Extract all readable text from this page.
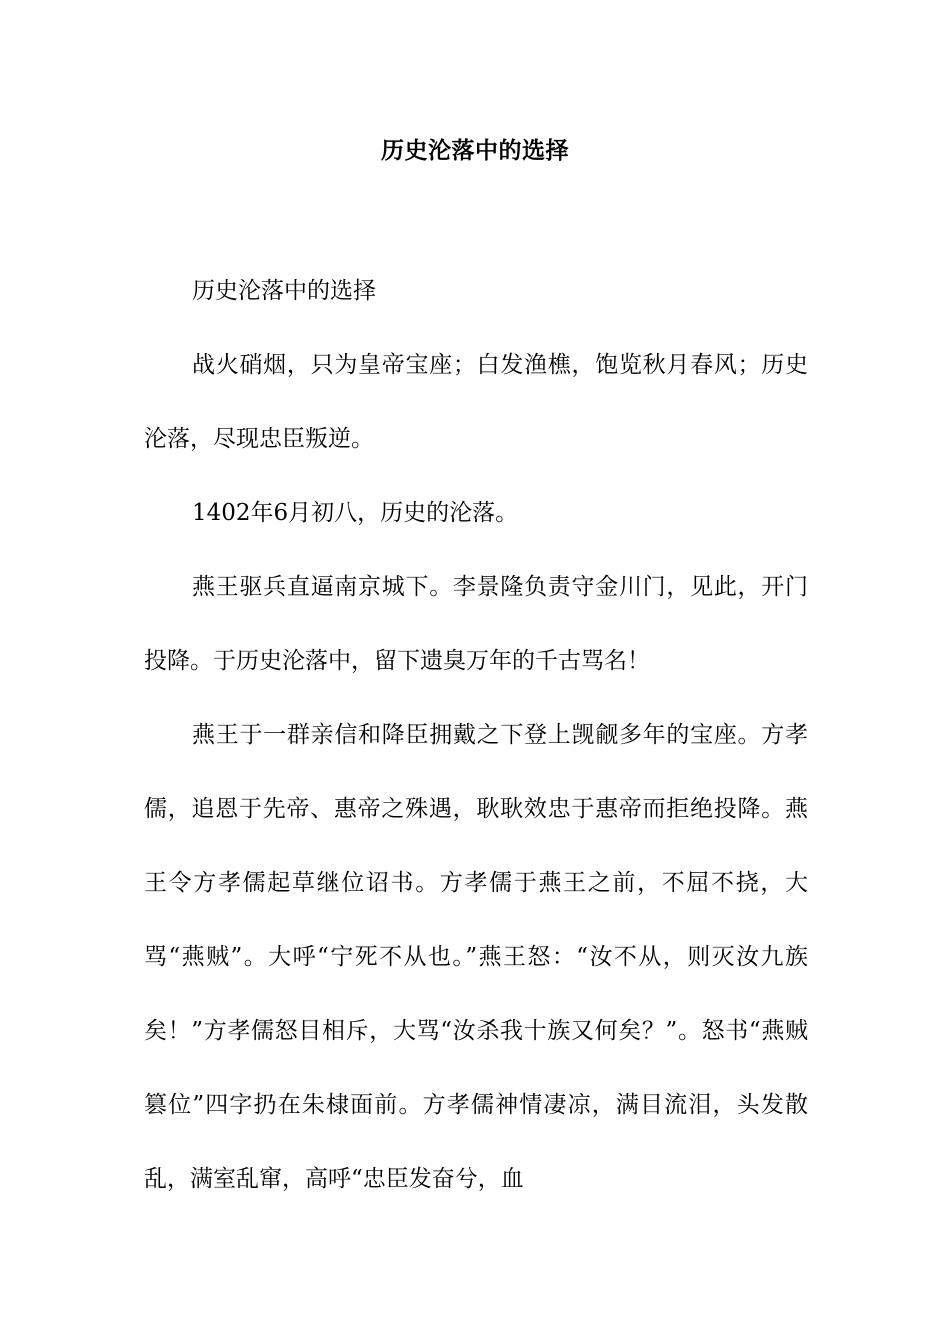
历史沦落中的选择

历史沦落中的选择

战火硝烟，只为皇帝宝座；白发渔樵，饱览秋月春风；历史沦落，尽现忠臣叛逆。

1402年6月初八，历史的沦落。

燕王驱兵直逼南京城下。李景隆负责守金川门，见此，开门投降。于历史沦落中，留下遗臭万年的千古骂名！

燕王于一群亲信和降臣拥戴之下登上觊觎多年的宝座。方孝儒，追恩于先帝、惠帝之殊遇，耿耿效忠于惠帝而拒绝投降。燕王令方孝儒起草继位诏书。方孝儒于燕王之前，不屈不挠，大骂“燕贼”。大呼“宁死不从也。”燕王怒：“汝不从，则灭汝九族矣！”方孝儒怒目相斥，大骂“汝杀我十族又何矣？”。怒书“燕贼篡位”四字扔在朱棣面前。方孝儒神情凄凉，满目流泪，头发散乱，满室乱窜，高呼“忠臣发奋兮，血
